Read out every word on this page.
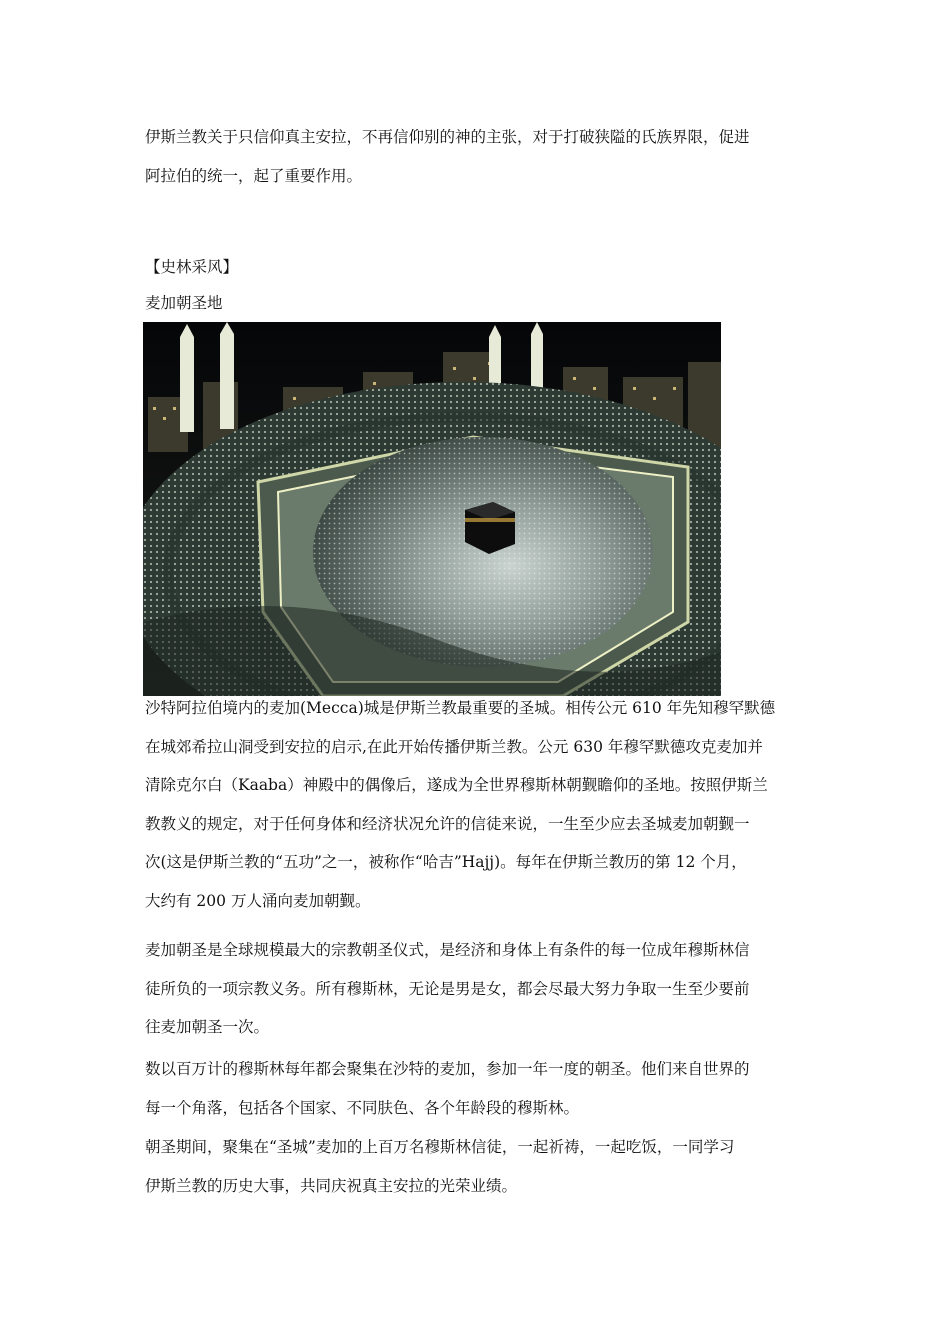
伊斯兰教关于只信仰真主安拉，不再信仰别的神的主张，对于打破狭隘的氏族界限，促进
阿拉伯的统一，起了重要作用。
【史林采风】
麦加朝圣地
沙特阿拉伯境内的麦加(Mecca)城是伊斯兰教最重要的圣城。相传公元 610 年先知穆罕默德
在城郊希拉山洞受到安拉的启示,在此开始传播伊斯兰教。公元 630 年穆罕默德攻克麦加并
清除克尔白（Kaaba）神殿中的偶像后，遂成为全世界穆斯林朝觐瞻仰的圣地。按照伊斯兰
教教义的规定，对于任何身体和经济状况允许的信徒来说，一生至少应去圣城麦加朝觐一
次(这是伊斯兰教的“五功”之一，被称作“哈吉”Hajj)。每年在伊斯兰教历的第 12 个月，
大约有 200 万人涌向麦加朝觐。
麦加朝圣是全球规模最大的宗教朝圣仪式，是经济和身体上有条件的每一位成年穆斯林信
徒所负的一项宗教义务。所有穆斯林，无论是男是女，都会尽最大努力争取一生至少要前
往麦加朝圣一次。
数以百万计的穆斯林每年都会聚集在沙特的麦加，参加一年一度的朝圣。他们来自世界的
每一个角落，包括各个国家、不同肤色、各个年龄段的穆斯林。
朝圣期间，聚集在“圣城”麦加的上百万名穆斯林信徒，一起祈祷，一起吃饭，一同学习
伊斯兰教的历史大事，共同庆祝真主安拉的光荣业绩。
